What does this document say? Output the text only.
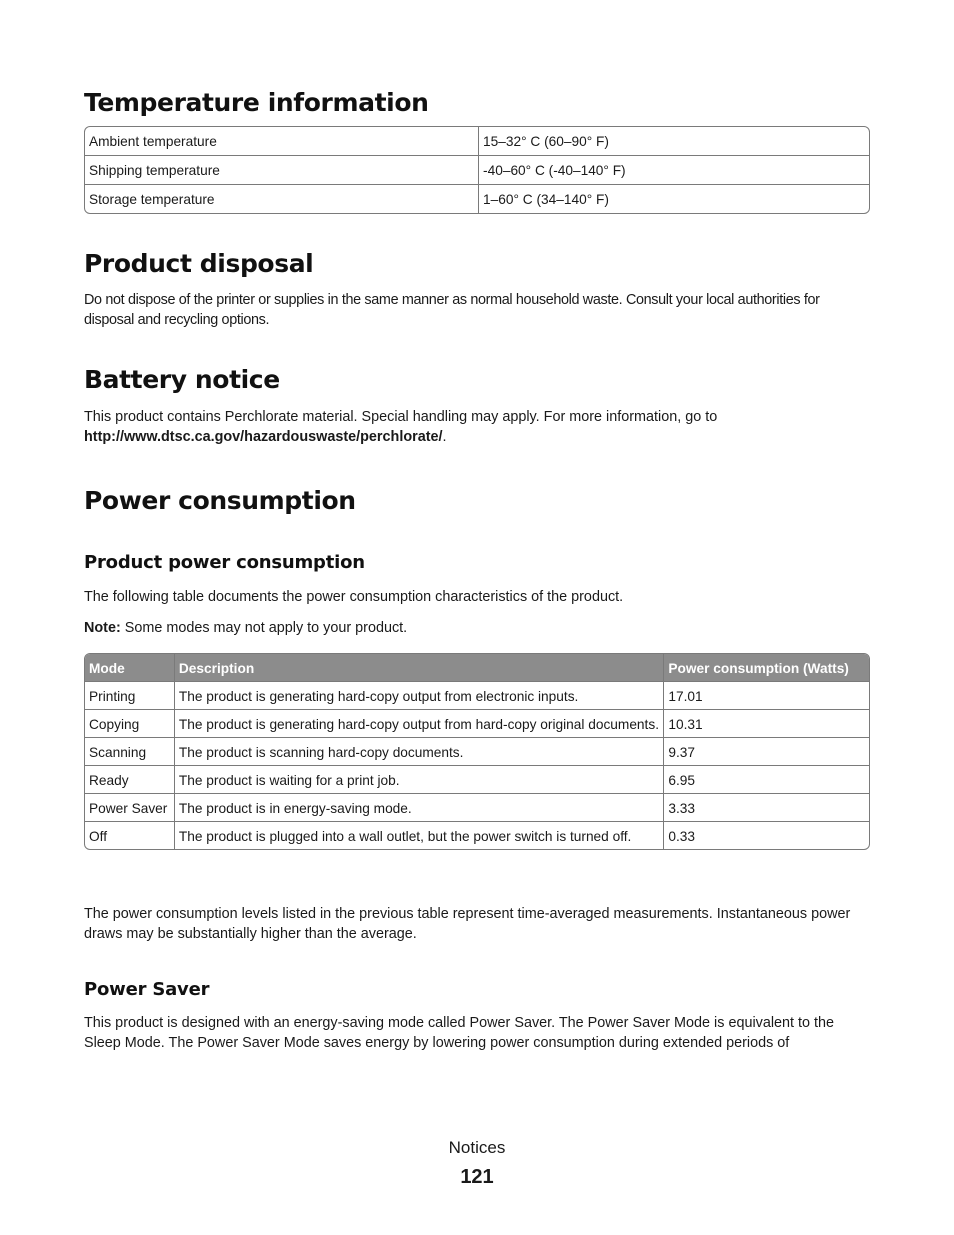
Temperature information
Ambient temperature	15–32° C (60–90° F)
Shipping temperature	-40–60° C (-40–140° F)
Storage temperature	1–60° C (34–140° F)
Product disposal

Do not dispose of the printer or supplies in the same manner as normal household waste. Consult your local authorities for disposal and recycling options.

Battery notice

This product contains Perchlorate material. Special handling may apply. For more information, go to
http://www.dtsc.ca.gov/hazardouswaste/perchlorate/.

Power consumption
Product power consumption

The following table documents the power consumption characteristics of the product.

Note: Some modes may not apply to your product.

Mode	Description	Power consumption (Watts)
Printing	The product is generating hard-copy output from electronic inputs.	17.01
Copying	The product is generating hard-copy output from hard-copy original documents.	10.31
Scanning	The product is scanning hard-copy documents.	9.37
Ready	The product is waiting for a print job.	6.95
Power Saver	The product is in energy-saving mode.	3.33
Off	The product is plugged into a wall outlet, but the power switch is turned off.	0.33

The power consumption levels listed in the previous table represent time-averaged measurements. Instantaneous power draws may be substantially higher than the average.

Power Saver

This product is designed with an energy-saving mode called Power Saver. The Power Saver Mode is equivalent to the Sleep Mode. The Power Saver Mode saves energy by lowering power consumption during extended periods of

Notices
121
